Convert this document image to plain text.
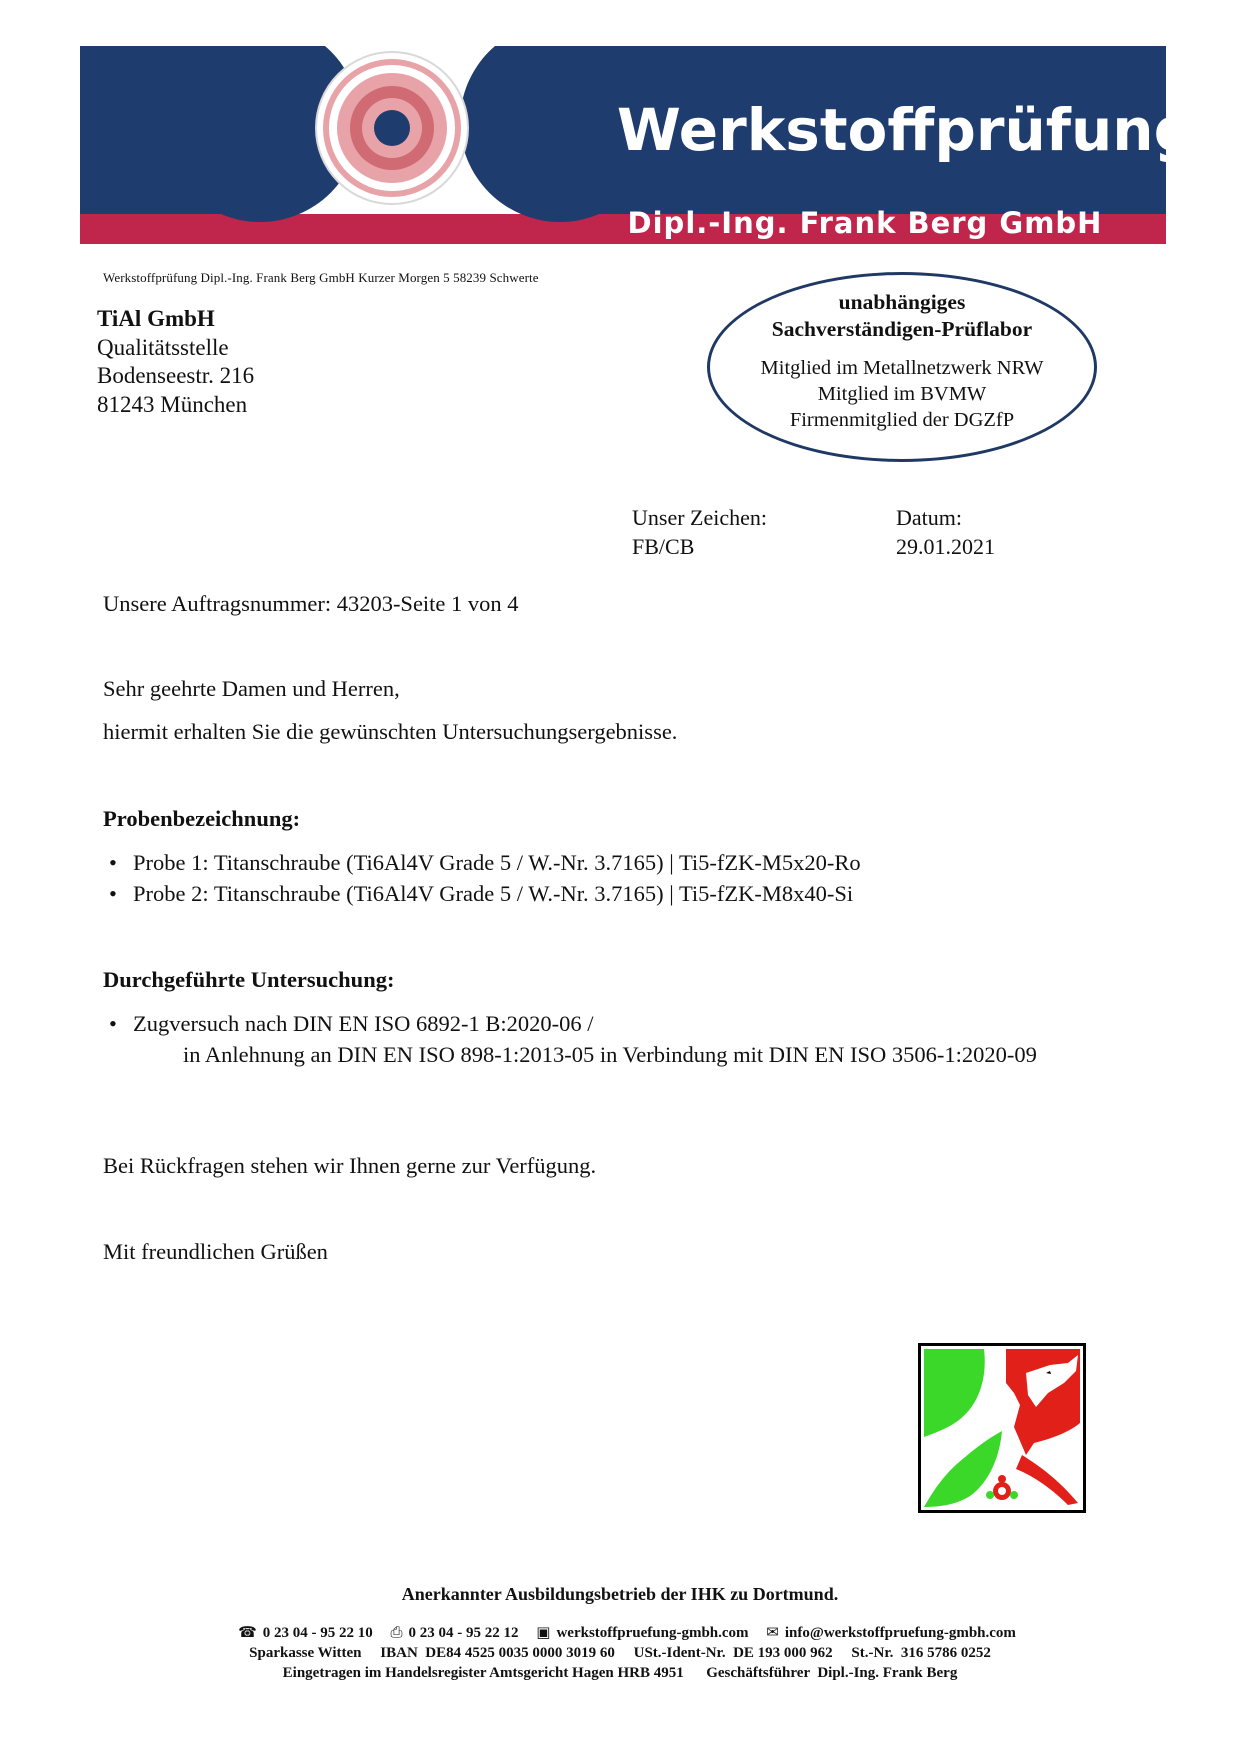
Werkstoffprüfung
Dipl.-Ing. Frank Berg GmbH
Werkstoffprüfung Dipl.-Ing. Frank Berg GmbH Kurzer Morgen 5 58239 Schwerte
TiAl GmbH
Qualitätsstelle
Bodenseestr. 216
81243 München
unabhängiges
Sachverständigen-Prüflabor
Mitglied im Metallnetzwerk NRW
Mitglied im BVMW
Firmenmitglied der DGZfP
Unser Zeichen:
FB/CB
Datum:
29.01.2021
Unsere Auftragsnummer: 43203-Seite 1 von 4
Sehr geehrte Damen und Herren,
hiermit erhalten Sie die gewünschten Untersuchungsergebnisse.
Probenbezeichnung:
• Probe 1: Titanschraube (Ti6Al4V Grade 5 / W.-Nr. 3.7165) | Ti5-fZK-M5x20-Ro
• Probe 2: Titanschraube (Ti6Al4V Grade 5 / W.-Nr. 3.7165) | Ti5-fZK-M8x40-Si
Durchgeführte Untersuchung:
• Zugversuch nach DIN EN ISO 6892-1 B:2020-06 /
in Anlehnung an DIN EN ISO 898-1:2013-05 in Verbindung mit DIN EN ISO 3506-1:2020-09
Bei Rückfragen stehen wir Ihnen gerne zur Verfügung.
Mit freundlichen Grüßen
Anerkannter Ausbildungsbetrieb der IHK zu Dortmund.
☎ 0 23 04 - 95 22 10 ⎙ 0 23 04 - 95 22 12 ▣ werkstoffpruefung-gmbh.com ✉ info@werkstoffpruefung-gmbh.com
Sparkasse Witten     IBAN  DE84 4525 0035 0000 3019 60     USt.-Ident-Nr.  DE 193 000 962     St.-Nr.  316 5786 0252
Eingetragen im Handelsregister Amtsgericht Hagen HRB 4951      Geschäftsführer  Dipl.-Ing. Frank Berg
